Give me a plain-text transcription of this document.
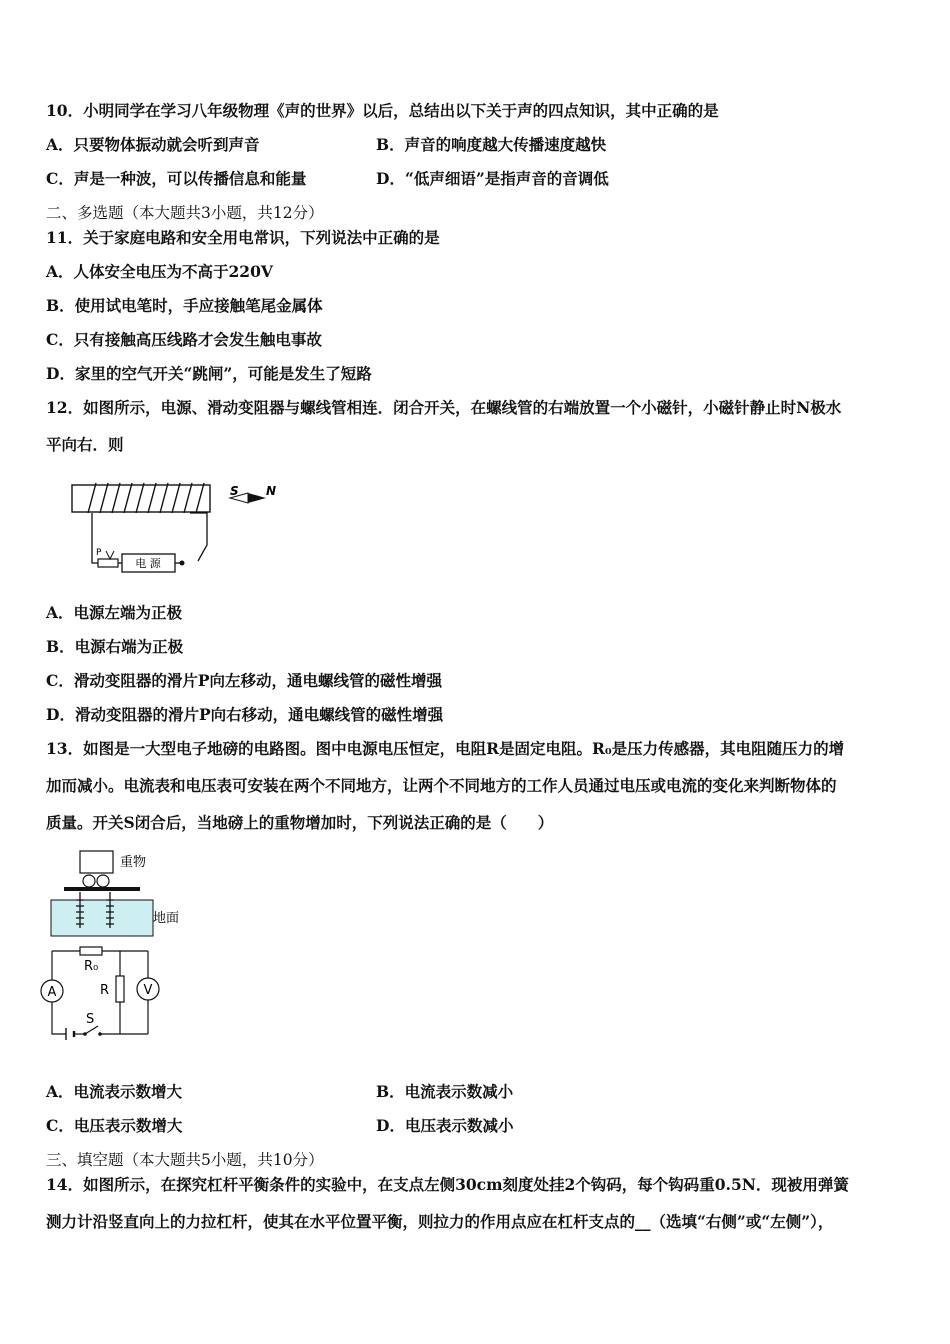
10．小明同学在学习八年级物理《声的世界》以后，总结出以下关于声的四点知识，其中正确的是
A．只要物体振动就会听到声音	B．声音的响度越大传播速度越快
C．声是一种波，可以传播信息和能量	D．“低声细语”是指声音的音调低
二、多选题（本大题共3小题，共12分）
11．关于家庭电路和安全用电常识，下列说法中正确的是
A．人体安全电压为不高于220V
B．使用试电笔时，手应接触笔尾金属体
C．只有接触高压线路才会发生触电事故
D．家里的空气开关“跳闸”，可能是发生了短路
12．如图所示，电源、滑动变阻器与螺线管相连．闭合开关，在螺线管的右端放置一个小磁针，小磁针静止时N极水
平向右．则
P
电 源
S N
A．电源左端为正极
B．电源右端为正极
C．滑动变阻器的滑片P向左移动，通电螺线管的磁性增强
D．滑动变阻器的滑片P向右移动，通电螺线管的磁性增强
13．如图是一大型电子地磅的电路图。图中电源电压恒定，电阻R是固定电阻。R₀是压力传感器，其电阻随压力的增
加而减小。电流表和电压表可安装在两个不同地方，让两个不同地方的工作人员通过电压或电流的变化来判断物体的
质量。开关S闭合后，当地磅上的重物增加时，下列说法正确的是（　　）
重物
地面
R₀
R
A	V
S
A．电流表示数增大	B．电流表示数减小
C．电压表示数增大	D．电压表示数减小
三、填空题（本大题共5小题，共10分）
14．如图所示，在探究杠杆平衡条件的实验中，在支点左侧30cm刻度处挂2个钩码，每个钩码重0.5N．现被用弹簧
测力计沿竖直向上的力拉杠杆，使其在水平位置平衡，则拉力的作用点应在杠杆支点的__（选填“右侧”或“左侧”），
